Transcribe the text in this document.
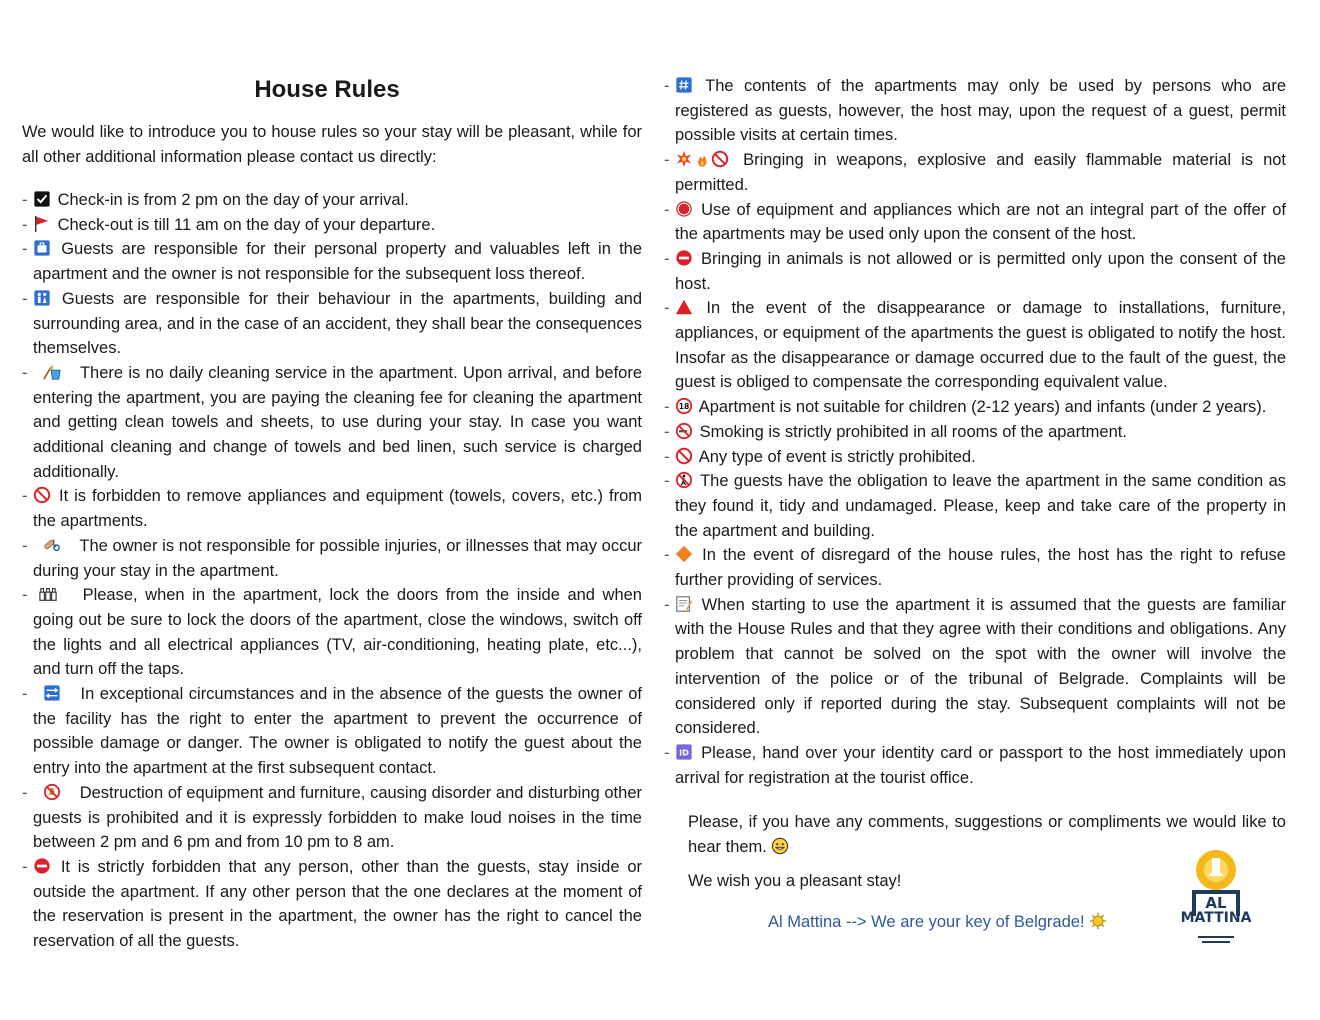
House Rules
We would like to introduce you to house rules so your stay will be pleasant, while for all other additional information please contact us directly:
- Check-in is from 2 pm on the day of your arrival.
- Check-out is till 11 am on the day of your departure.
- Guests are responsible for their personal property and valuables left in the apartment and the owner is not responsible for the subsequent loss thereof.
- Guests are responsible for their behaviour in the apartments, building and surrounding area, and in the case of an accident, they shall bear the consequences themselves.
-	There is no daily cleaning service in the apartment. Upon arrival, and before entering the apartment, you are paying the cleaning fee for cleaning the apartment and getting clean towels and sheets, to use during your stay. In case you want additional cleaning and change of towels and bed linen, such service is charged additionally.
- It is forbidden to remove appliances and equipment (towels, covers, etc.) from the apartments.
-	The owner is not responsible for possible injuries, or illnesses that may occur during your stay in the apartment.
-	Please, when in the apartment, lock the doors from the inside and when going out be sure to lock the doors of the apartment, close the windows, switch off the lights and all electrical appliances (TV, air-conditioning, heating plate, etc...), and turn off the taps.
-	In exceptional circumstances and in the absence of the guests the owner of the facility has the right to enter the apartment to prevent the occurrence of possible damage or danger. The owner is obligated to notify the guest about the entry into the apartment at the first subsequent contact.
-	Destruction of equipment and furniture, causing disorder and disturbing other guests is prohibited and it is expressly forbidden to make loud noises in the time between 2 pm and 6 pm and from 10 pm to 8 am.
- It is strictly forbidden that any person, other than the guests, stay inside or outside the apartment. If any other person that the one declares at the moment of the reservation is present in the apartment, the owner has the right to cancel the reservation of all the guests.
- The contents of the apartments may only be used by persons who are registered as guests, however, the host may, upon the request of a guest, permit possible visits at certain times.
-	Bringing in weapons, explosive and easily flammable material is not permitted.
- Use of equipment and appliances which are not an integral part of the offer of the apartments may be used only upon the consent of the host.
- Bringing in animals is not allowed or is permitted only upon the consent of the host.
- In the event of the disappearance or damage to installations, furniture, appliances, or equipment of the apartments the guest is obligated to notify the host. Insofar as the disappearance or damage occurred due to the fault of the guest, the guest is obliged to compensate the corresponding equivalent value.
- 18 Apartment is not suitable for children (2-12 years) and infants (under 2 years).
- Smoking is strictly prohibited in all rooms of the apartment.
- Any type of event is strictly prohibited.
- The guests have the obligation to leave the apartment in the same condition as they found it, tidy and undamaged. Please, keep and take care of the property in the apartment and building.
- In the event of disregard of the house rules, the host has the right to refuse further providing of services.
- When starting to use the apartment it is assumed that the guests are familiar with the House Rules and that they agree with their conditions and obligations. Any problem that cannot be solved on the spot with the owner will involve the intervention of the police or of the tribunal of Belgrade. Complaints will be considered only if reported during the stay. Subsequent complaints will not be considered.
- ID Please, hand over your identity card or passport to the host immediately upon arrival for registration at the tourist office.
Please, if you have any comments, suggestions or compliments we would like to hear them.
We wish you a pleasant stay!
Al Mattina --> We are your key of Belgrade!
AL
MATTINA
